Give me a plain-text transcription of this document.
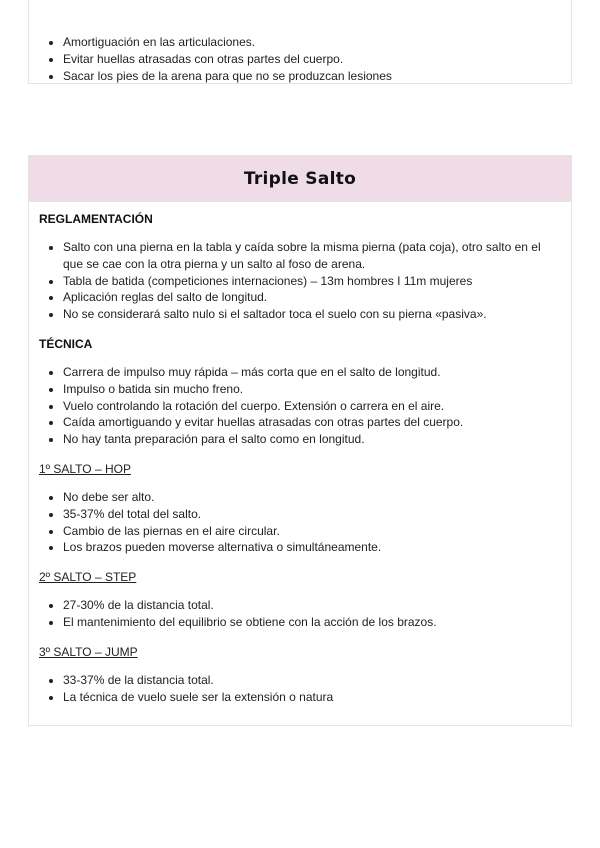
Amortiguación en las articulaciones.
Evitar huellas atrasadas con otras partes del cuerpo.
Sacar los pies de la arena para que no se produzcan lesiones
Triple Salto
REGLAMENTACIÓN
Salto con una pierna en la tabla y caída sobre la misma pierna (pata coja), otro salto en el que se cae con la otra pierna y un salto al foso de arena.
Tabla de batida (competiciones internaciones) – 13m hombres I 11m mujeres
Aplicación reglas del salto de longitud.
No se considerará salto nulo si el saltador toca el suelo con su pierna «pasiva».
TÉCNICA
Carrera de impulso muy rápida – más corta que en el salto de longitud.
Impulso o batida sin mucho freno.
Vuelo controlando la rotación del cuerpo. Extensión o carrera en el aire.
Caída amortiguando y evitar huellas atrasadas con otras partes del cuerpo.
No hay tanta preparación para el salto como en longitud.
1º SALTO – HOP
No debe ser alto.
35-37% del total del salto.
Cambio de las piernas en el aire circular.
Los brazos pueden moverse alternativa o simultáneamente.
2º SALTO – STEP
27-30% de la distancia total.
El mantenimiento del equilibrio se obtiene con la acción de los brazos.
3º SALTO – JUMP
33-37% de la distancia total.
La técnica de vuelo suele ser la extensión o natura
